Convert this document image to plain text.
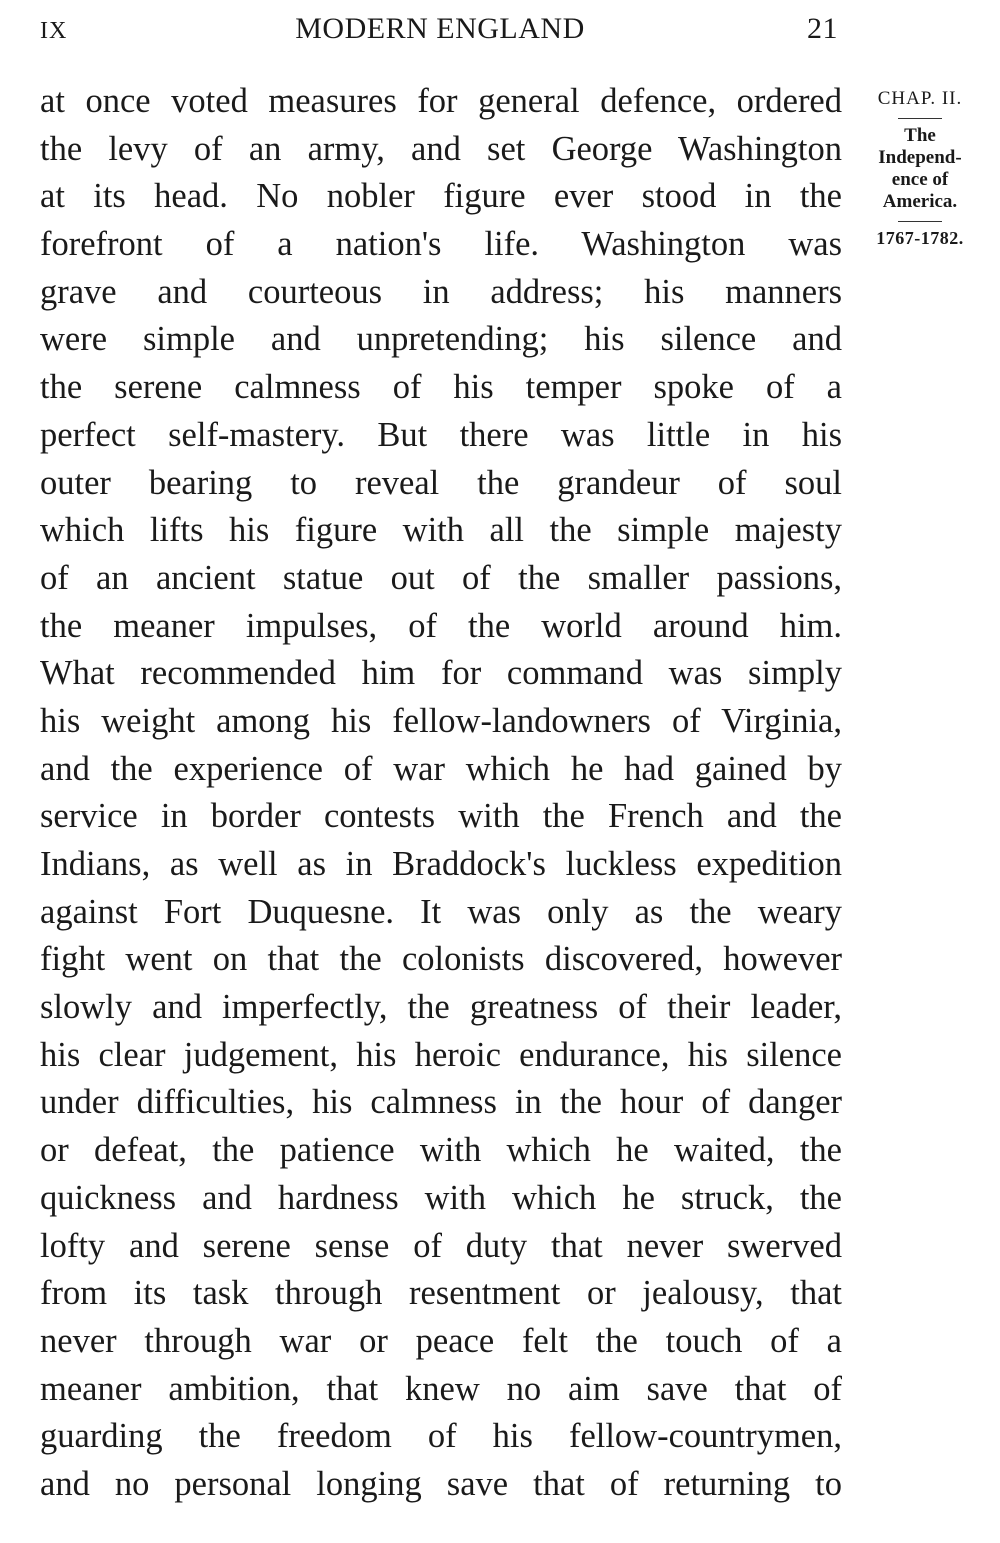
IX	MODERN ENGLAND	21
at once voted measures for general defence, ordered
the levy of an army, and set George Washington
at its head. No nobler figure ever stood in the
forefront of a nation's life. Washington was
grave and courteous in address; his manners
were simple and unpretending; his silence and
the serene calmness of his temper spoke of a
perfect self-mastery. But there was little in his
outer bearing to reveal the grandeur of soul
which lifts his figure with all the simple majesty
of an ancient statue out of the smaller passions,
the meaner impulses, of the world around him.
What recommended him for command was simply
his weight among his fellow-landowners of Virginia,
and the experience of war which he had gained by
service in border contests with the French and the
Indians, as well as in Braddock's luckless expedition
against Fort Duquesne. It was only as the weary
fight went on that the colonists discovered, however
slowly and imperfectly, the greatness of their leader,
his clear judgement, his heroic endurance, his silence
under difficulties, his calmness in the hour of danger
or defeat, the patience with which he waited, the
quickness and hardness with which he struck, the
lofty and serene sense of duty that never swerved
from its task through resentment or jealousy, that
never through war or peace felt the touch of a
meaner ambition, that knew no aim save that of
guarding the freedom of his fellow-countrymen,
and no personal longing save that of returning to
CHAP. II.
The
Independ-
ence of
America.
1767-1782.
